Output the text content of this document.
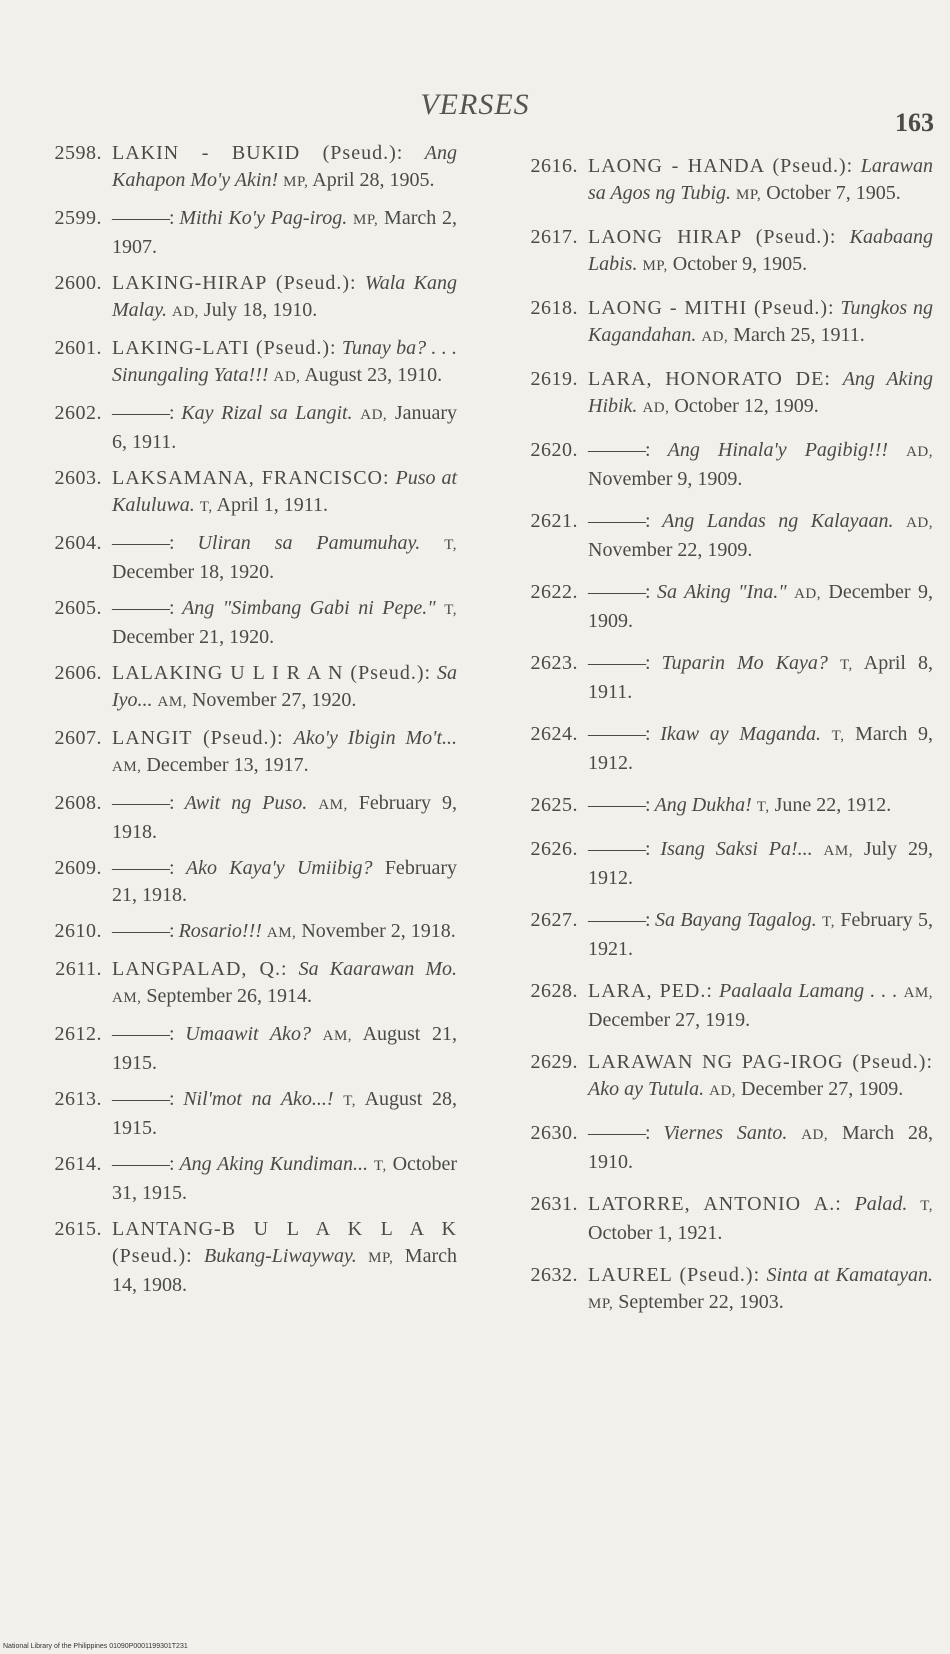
VERSES
163
2598. LAKIN - BUKID (Pseud.): Ang Kahapon Mo'y Akin! MP, April 28, 1905.
2599. ———: Mithi Ko'y Pag-irog. MP, March 2, 1907.
2600. LAKING-HIRAP (Pseud.): Wala Kang Malay. AD, July 18, 1910.
2601. LAKING-LATI (Pseud.): Tunay ba? . . . Sinungaling Yata!!! AD, August 23, 1910.
2602. ———: Kay Rizal sa Langit. AD, January 6, 1911.
2603. LAKSAMANA, FRANCISCO: Puso at Kaluluwa. T, April 1, 1911.
2604. ———: Uliran sa Pamumuhay. T, December 18, 1920.
2605. ———: Ang "Simbang Gabi ni Pepe." T, December 21, 1920.
2606. LALAKING U L I R A N (Pseud.): Sa Iyo... AM, November 27, 1920.
2607. LANGIT (Pseud.): Ako'y Ibigin Mo't... AM, December 13, 1917.
2608. ———: Awit ng Puso. AM, February 9, 1918.
2609. ———: Ako Kaya'y Umiibig? February 21, 1918.
2610. ———: Rosario!!! AM, November 2, 1918.
2611. LANGPALAD, Q.: Sa Kaarawan Mo. AM, September 26, 1914.
2612. ———: Umaawit Ako? AM, August 21, 1915.
2613. ———: Nil'mot na Ako...! T, August 28, 1915.
2614. ———: Ang Aking Kundiman... T, October 31, 1915.
2615. LANTANG-B U L A K L A K (Pseud.): Bukang-Liwayway. MP, March 14, 1908.
2616. LAONG - HANDA (Pseud.): Larawan sa Agos ng Tubig. MP, October 7, 1905.
2617. LAONG HIRAP (Pseud.): Kaabaang Labis. MP, October 9, 1905.
2618. LAONG - MITHI (Pseud.): Tungkos ng Kagandahan. AD, March 25, 1911.
2619. LARA, HONORATO DE: Ang Aking Hibik. AD, October 12, 1909.
2620. ———: Ang Hinala'y Pagibig!!! AD, November 9, 1909.
2621. ———: Ang Landas ng Kalayaan. AD, November 22, 1909.
2622. ———: Sa Aking "Ina." AD, December 9, 1909.
2623. ———: Tuparin Mo Kaya? T, April 8, 1911.
2624. ———: Ikaw ay Maganda. T, March 9, 1912.
2625. ———: Ang Dukha! T, June 22, 1912.
2626. ———: Isang Saksi Pa!... AM, July 29, 1912.
2627. ———: Sa Bayang Tagalog. T, February 5, 1921.
2628. LARA, PED.: Paalaala Lamang . . . AM, December 27, 1919.
2629. LARAWAN NG PAG-IROG (Pseud.): Ako ay Tutula. AD, December 27, 1909.
2630. ———: Viernes Santo. AD, March 28, 1910.
2631. LATORRE, ANTONIO A.: Palad. T, October 1, 1921.
2632. LAUREL (Pseud.): Sinta at Kamatayan. MP, September 22, 1903.
National Library of the Philippines 01090P0001199301T231
